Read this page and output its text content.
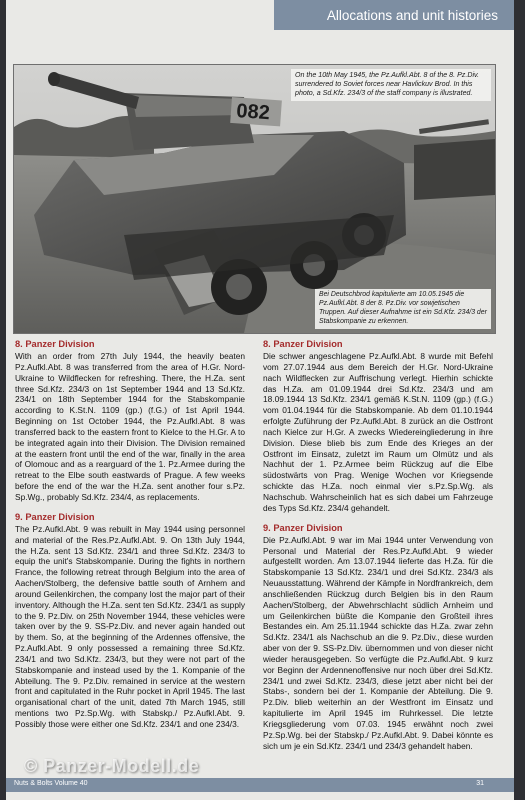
Allocations and unit histories
082
On the 10th May 1945, the Pz.Aufkl.Abt. 8 of the 8. Pz.Div. surrendered to Soviet forces near Havlickuv Brod. In this photo, a Sd.Kfz. 234/3 of the staff company is illustrated.
Bei Deutschbrod kapitulierte am 10.05.1945 die Pz.Aufkl.Abt. 8 der 8. Pz.Div. vor sowjetischen Truppen. Auf dieser Aufnahme ist ein Sd.Kfz. 234/3 der Stabskompanie zu erkennen.
8. Panzer Division

With an order from 27th July 1944, the heavily beaten Pz.Aufkl.Abt. 8 was transferred from the area of H.Gr. Nord-Ukraine to Wildflecken for refreshing. There, the H.Za. sent three Sd.Kfz. 234/3 on 1st September 1944 and 13 Sd.Kfz. 234/1 on 18th September 1944 for the Stabskompanie according to K.St.N. 1109 (gp.) (f.G.) of 1st April 1944. Beginning on 1st October 1944, the Pz.Aufkl.Abt. 8 was transferred back to the eastern front to Kielce to the H.Gr. A to be integrated again into their Division. The Division remained at the eastern front until the end of the war, finally in the area of Olomouc and as a rearguard of the 1. Pz.Armee during the retreat to the Elbe south eastwards of Prague. A few weeks before the end of the war the H.Za. sent another four s.Pz. Sp.Wg., probably Sd.Kfz. 234/4, as replacements.

9. Panzer Division

The Pz.Aufkl.Abt. 9 was rebuilt in May 1944 using personnel and material of the Res.Pz.Aufkl.Abt. 9. On 13th July 1944, the H.Za. sent 13 Sd.Kfz. 234/1 and three Sd.Kfz. 234/3 to equip the unit's Stabskompanie. During the fights in northern France, the following retreat through Belgium into the area of Aachen/Stolberg, the defensive battle south of Arnhem and around Geilenkirchen, the company lost the major part of their inventory. Although the H.Za. sent ten Sd.Kfz. 234/1 as supply to the 9. Pz.Div. on 25th November 1944, these vehicles were taken over by the 9. SS-Pz.Div. and never again handed out by them. So, at the beginning of the Ardennes offensive, the Pz.Aufkl.Abt. 9 only possessed a remaining three Sd.Kfz. 234/1 and two Sd.Kfz. 234/3, but they were not part of the Stabskompanie and instead used by the 1. Kompanie of the Abteilung. The 9. Pz.Div. remained in service at the western front and capitulated in the Ruhr pocket in April 1945. The last organisational chart of the unit, dated 7th March 1945, still mentions two Pz.Sp.Wg. with Stabskp./ Pz.Aufkl.Abt. 9. Possibly those were either one Sd.Kfz. 234/1 and one 234/3.

8. Panzer Division

Die schwer angeschlagene Pz.Aufkl.Abt. 8 wurde mit Befehl vom 27.07.1944 aus dem Bereich der H.Gr. Nord-Ukraine nach Wildflecken zur Auffrischung verlegt. Hierhin schickte das H.Za. am 01.09.1944 drei Sd.Kfz. 234/3 und am 18.09.1944 13 Sd.Kfz. 234/1 gemäß K.St.N. 1109 (gp.) (f.G.) vom 01.04.1944 für die Stabskompanie. Ab dem 01.10.1944 erfolgte Zuführung der Pz.Aufkl.Abt. 8 zurück an die Ostfront nach Kielce zur H.Gr. A zwecks Wiedereingliederung in ihre Division. Diese blieb bis zum Ende des Krieges an der Ostfront im Einsatz, zuletzt im Raum um Olmütz und als Nachhut der 1. Pz.Armee beim Rückzug auf die Elbe südostwärts von Prag. Wenige Wochen vor Kriegsende schickte das H.Za. noch einmal vier s.Pz.Sp.Wg. als Nachschub. Wahrscheinlich hat es sich dabei um Fahrzeuge des Typs Sd.Kfz. 234/4 gehandelt.

9. Panzer Division

Die Pz.Aufkl.Abt. 9 war im Mai 1944 unter Verwendung von Personal und Material der Res.Pz.Aufkl.Abt. 9 wieder aufgestellt worden. Am 13.07.1944 lieferte das H.Za. für die Stabskompanie 13 Sd.Kfz. 234/1 und drei Sd.Kfz. 234/3 als Neuausstattung. Während der Kämpfe in Nordfrankreich, dem anschließenden Rückzug durch Belgien bis in den Raum Aachen/Stolberg, der Abwehrschlacht südlich Arnheim und um Geilenkirchen büßte die Kompanie den Großteil ihres Bestandes ein. Am 25.11.1944 schickte das H.Za. zwar zehn Sd.Kfz. 234/1 als Nachschub an die 9. Pz.Div., diese wurden aber von der 9. SS-Pz.Div. übernommen und von dieser nicht wieder herausgegeben. So verfügte die Pz.Aufkl.Abt. 9 kurz vor Beginn der Ardennenoffensive nur noch über drei Sd.Kfz. 234/1 und zwei Sd.Kfz. 234/3, diese jetzt aber nicht bei der Stabs-, sondern bei der 1. Kompanie der Abteilung. Die 9. Pz.Div. blieb weiterhin an der Westfront im Einsatz und kapitulierte im April 1945 im Ruhrkessel. Die letzte Kriegsgliederung vom 07.03. 1945 erwähnt noch zwei Pz.Sp.Wg. bei der Stabskp./ Pz.Aufkl.Abt. 9. Dabei könnte es sich um je ein Sd.Kfz. 234/1 und 234/3 gehandelt haben.

© Panzer-Modell.de
Nuts & Bolts Volume 40	31
